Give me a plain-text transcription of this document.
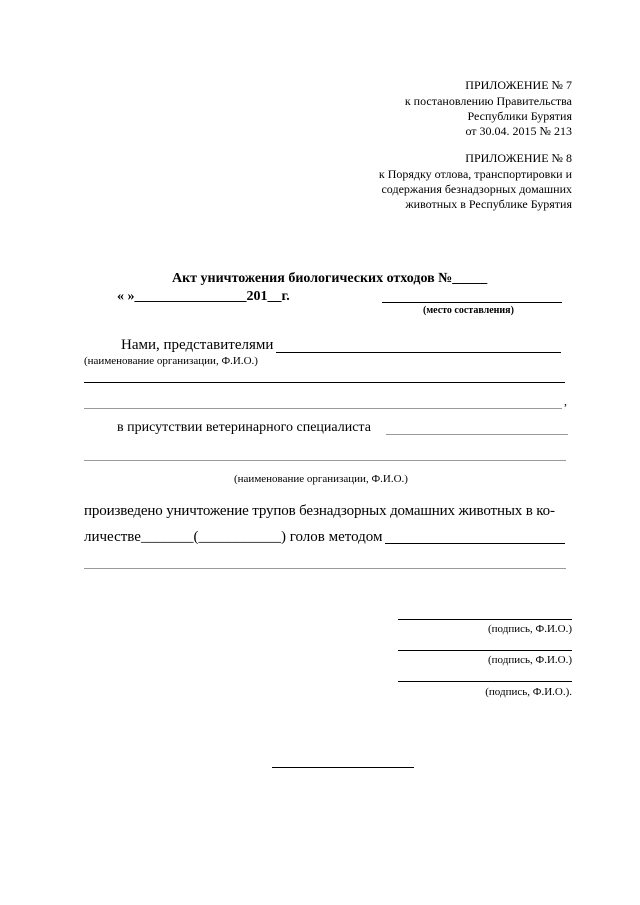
ПРИЛОЖЕНИЕ № 7
к постановлению Правительства
Республики Бурятия
от 30.04. 2015 № 213
ПРИЛОЖЕНИЕ № 8
к Порядку отлова, транспортировки и
содержания безнадзорных домашних
животных в Республике Бурятия
Акт уничтожения биологических отходов №_____
« »________________201__г.
(место составления)
Нами, представителями
(наименование организации, Ф.И.О.)
,
в присутствии ветеринарного специалиста
(наименование организации, Ф.И.О.)
произведено уничтожение трупов безнадзорных домашних животных в ко-
личестве_______(___________) голов методом
(подпись, Ф.И.О.)
(подпись, Ф.И.О.)
(подпись, Ф.И.О.).
